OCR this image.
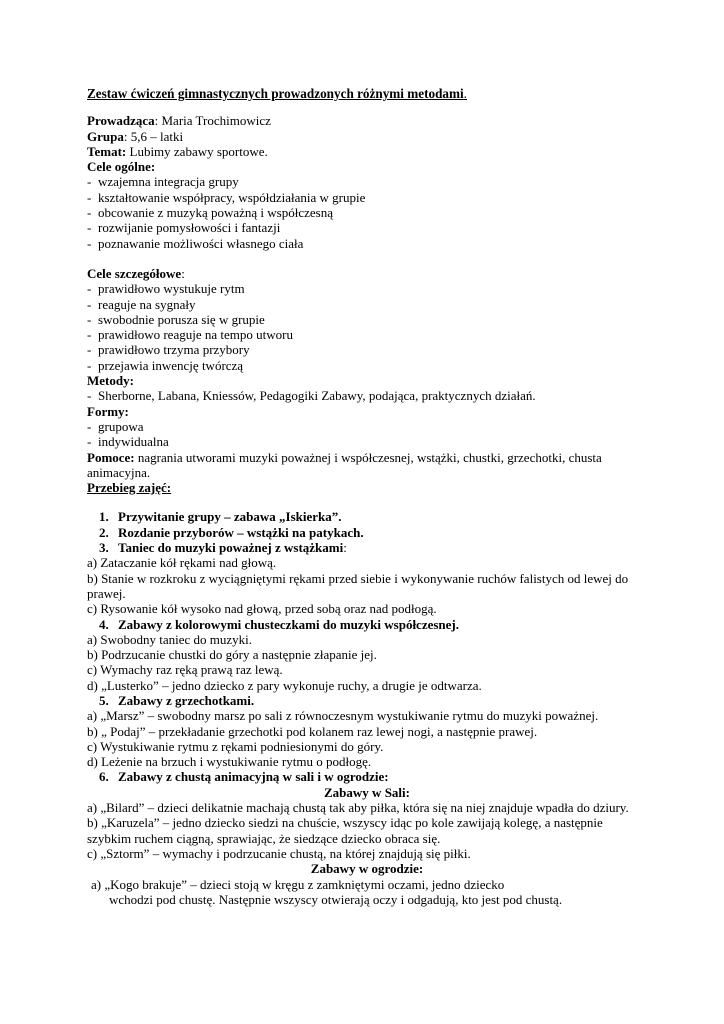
Zestaw ćwiczeń gimnastycznych prowadzonych różnymi metodami.

Prowadząca: Maria Trochimowicz

Grupa: 5,6 – latki

Temat: Lubimy zabawy sportowe.

Cele ogólne:

- wzajemna integracja grupy

- kształtowanie współpracy, współdziałania w grupie

- obcowanie z muzyką poważną i współczesną

- rozwijanie pomysłowości i fantazji

- poznawanie możliwości własnego ciała

Cele szczegółowe:

- prawidłowo wystukuje rytm

- reaguje na sygnały

- swobodnie porusza się w grupie

- prawidłowo reaguje na tempo utworu

- prawidłowo trzyma przybory

- przejawia inwencję twórczą

Metody:

- Sherborne, Labana, Kniessów, Pedagogiki Zabawy, podająca, praktycznych działań.

Formy:

- grupowa

- indywidualna

Pomoce: nagrania utworami muzyki poważnej i współczesnej, wstążki, chustki, grzechotki, chusta animacyjna.

Przebieg zajęć:

1. Przywitanie grupy – zabawa „Iskierka”.

2. Rozdanie przyborów – wstążki na patykach.

3. Taniec do muzyki poważnej z wstążkami:

a) Zataczanie kół rękami nad głową.

b) Stanie w rozkroku z wyciągniętymi rękami przed siebie i wykonywanie ruchów falistych od lewej do prawej.

c) Rysowanie kół wysoko nad głową, przed sobą oraz nad podłogą.

4. Zabawy z kolorowymi chusteczkami do muzyki współczesnej.

a) Swobodny taniec do muzyki.

b) Podrzucanie chustki do góry a następnie złapanie jej.

c) Wymachy raz ręką prawą raz lewą.

d) „Lusterko” – jedno dziecko z pary wykonuje ruchy, a drugie je odtwarza.

5. Zabawy z grzechotkami.

a) „Marsz” – swobodny marsz po sali z równoczesnym wystukiwanie rytmu do muzyki poważnej.

b) „ Podaj” – przekładanie grzechotki pod kolanem raz lewej nogi, a następnie prawej.

c) Wystukiwanie rytmu z rękami podniesionymi do góry.

d) Leżenie na brzuch i wystukiwanie rytmu o podłogę.

6. Zabawy z chustą animacyjną w sali i w ogrodzie:

Zabawy w Sali:

a) „Bilard” – dzieci delikatnie machają chustą tak aby piłka, która się na niej znajduje wpadła do dziury.

b) „Karuzela” – jedno dziecko siedzi na chuście, wszyscy idąc po kole zawijają kolegę, a następnie szybkim ruchem ciągną, sprawiając, że siedzące dziecko obraca się.

c) „Sztorm” – wymachy i podrzucanie chustą, na której znajdują się piłki.

Zabawy w ogrodzie:

a) „Kogo brakuje” – dzieci stoją w kręgu z zamkniętymi oczami, jedno dziecko

wchodzi pod chustę. Następnie wszyscy otwierają oczy i odgadują, kto jest pod chustą.
